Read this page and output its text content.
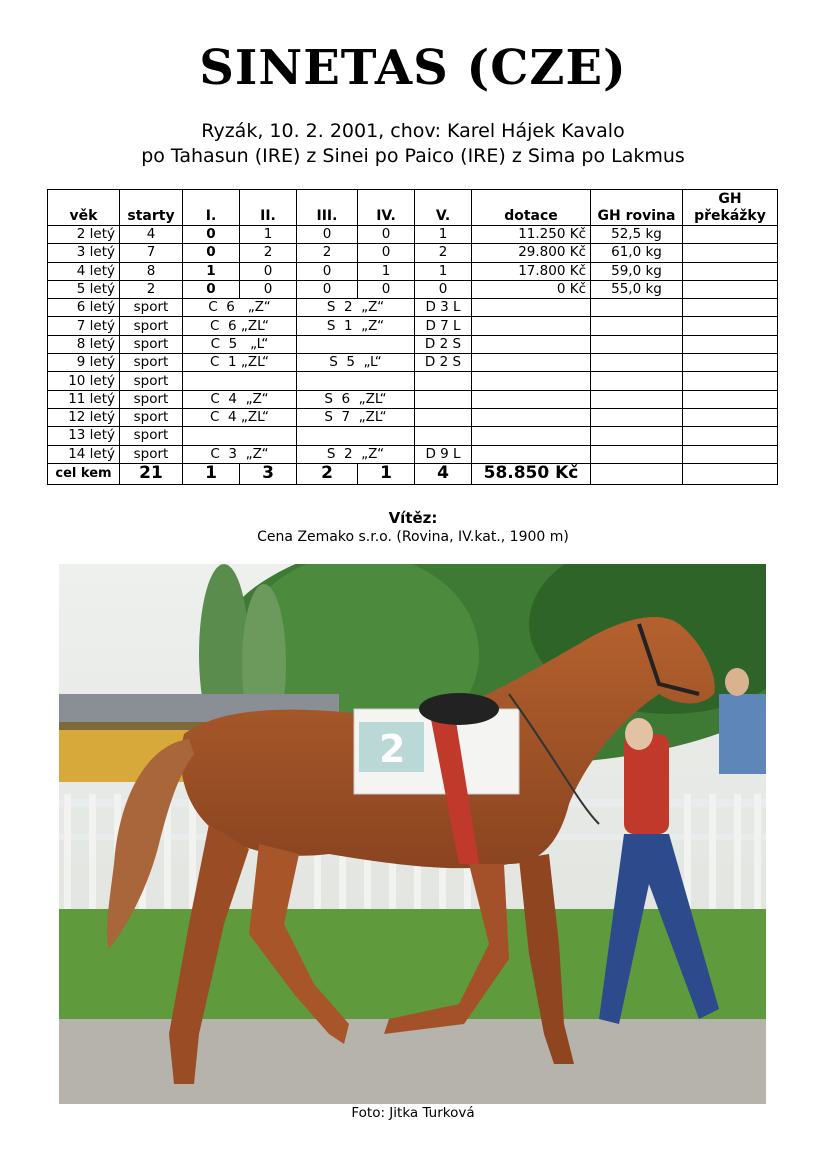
SINETAS (CZE)
Ryzák, 10. 2. 2001, chov: Karel Hájek Kavalo
po Tahasun (IRE) z Sinei po Paico (IRE) z Sima po Lakmus
věk	starty	I.	II.	III.	IV.	V.	dotace	GH rovina	GH překážky
2 letý	4	0	1	0	0	1	11.250 Kč	52,5 kg	
3 letý	7	0	2	2	0	2	29.800 Kč	61,0 kg	
4 letý	8	1	0	0	1	1	17.800 Kč	59,0 kg	
5 letý	2	0	0	0	0	0	0 Kč	55,0 kg	
6 letý	sport	C  6   „Z“		S  2  „Z“		D 3 L			
7 letý	sport	C  6 „ZL“		S  1  „Z“		D 7 L			
8 letý	sport	C  5   „L“				D 2 S			
9 letý	sport	C  1 „ZL“		S  5  „L“		D 2 S			
10 letý	sport								
11 letý	sport	C  4  „Z“		S  6  „ZL“					
12 letý	sport	C  4 „ZL“		S  7  „ZL“					
13 letý	sport								
14 letý	sport	C  3  „Z“		S  2  „Z“		D 9 L			
cel kem	21	1	3	2	1	4	58.850 Kč		
Vítěz:
Cena Zemako s.r.o. (Rovina, IV.kat., 1900 m)
2
Foto: Jitka Turková
